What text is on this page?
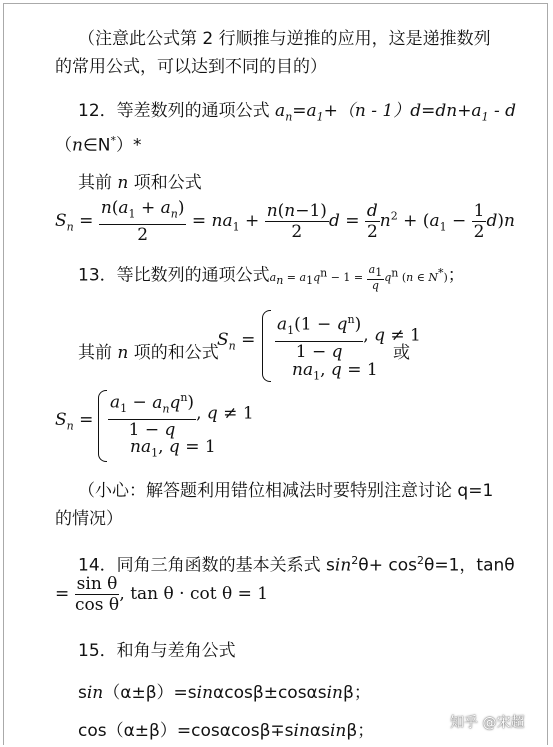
（注意此公式第 2 行顺推与逆推的应用，这是递推数列
的常用公式，可以达到不同的目的）
12．等差数列的通项公式 $a_n=a_1+(n - 1)d=dn+a_1 - d$
（n∈N*）*
其前 n 项和公式
$S_n = \frac{n(a_1 + a_n)}{2} = na_1 + \frac{n(n-1)}{2}$ $d = \frac{d}{2} n^2 + (a_1 - \frac{1}{2} d)n$
13．等比数列的通项公式$a_n = a_1q^n - 1 = \frac{a_1}{q} q^n$ (n ∈ N*)；
其前 n 项的和公式
$S_n = \frac{a_1(1 - q^n)}{1 - q}$ , q ≠ 1
$na_1$, q = 1
或
$S_n = \frac{a_1 - a_nq^n)}{1 - q}$ , q ≠ 1
$na_1$, q = 1
（小心：解答题利用错位相减法时要特别注意讨论 q=1
的情况）
14．同角三角函数的基本关系式 $\sin^2\theta+ \cos^2\theta=1$，tanθ
= $\frac{\text{sin θ}}{\text{cos θ}}$ , tan θ · cot θ = 1
15．和角与差角公式
sin（α±β）=sinαcosβ±cosαsinβ；
cos（α±β）=cosαcosβ∓sinαsinβ；	知乎 @宋超
